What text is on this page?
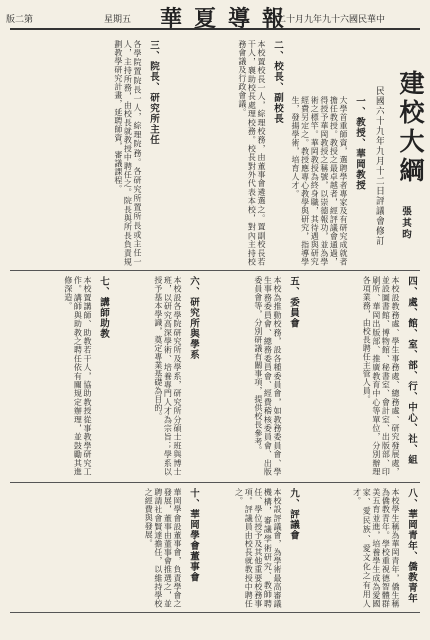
版二第	星期五 華夏導報
日二十月九年九十六國民華中
建校大綱
民國六十九年九月十二日評議會修訂 張其昀
一、教授、華岡教授
大學首重師資，選聘學者專家及有研究成就者擔任教授。教授之最卓越者，經評議會通過，得授予華岡教授之稱號，以崇德報功，並為學術之標竿。華岡教授為終身職，其待遇與研究經費另定之。教授應專心教學與研究，指導學生，發揚學術，培育人才。
二、校長、副校長
本校置校長一人，綜理校務，由董事會遴選之。置副校長若干人，襄助校長處理校務。校長對外代表本校，對內主持校務會議及行政會議。
三、院長、研究所主任
各學院置院長一人，綜理院務。各研究所置所長或主任一人，主持所務，由校長就教授中聘任之。院長與所長負責規劃教學研究計畫，延聘師資，審議課程。
四、處、館、室、部、行、中心、社、組
本校設教務處、學生事務處、總務處、研究發展處，並設圖書館、博物館、秘書室、會計室、出版部、印刷所、華岡出版部、推廣教育中心等單位，分別辦理各項業務，由校長聘任主管人員。
五、委員會
本校為推動校務，設各種委員會，如教務委員會、學生事務委員會、總務委員會、經費稽核委員會、出版委員會等，分別研議有關事項，提供校長參考。
六、研究所與學系
本校設各學院研究所及學系，研究所分碩士班與博士班，以研究高深學術、培養專門人才為宗旨；學系以授予基本學識，奠定專業基礎為目的。
七、講師助教
本校置講師、助教若干人，協助教授從事教學研究工作。講師與助教之聘任依有關規定辦理，並鼓勵其進修深造。
八、華岡青年、僑教青年
本校學生稱為華岡青年，僑生稱為僑教青年。學校重視德智體群美五育並進，培養學生成為愛國家、愛民族、愛文化之有用人才。
九、評議會
本校設評議會，為學術最高審議機構，審議學術研究、教師聘任、學位授予及其他重要校務事項。評議員由校長就教授中聘任之。
十、華岡學會董事會
華岡學會設董事會，負責學會之發展，董事由董事會推選之，並聘請社會賢達擔任，以維持學校之經費與發展。
